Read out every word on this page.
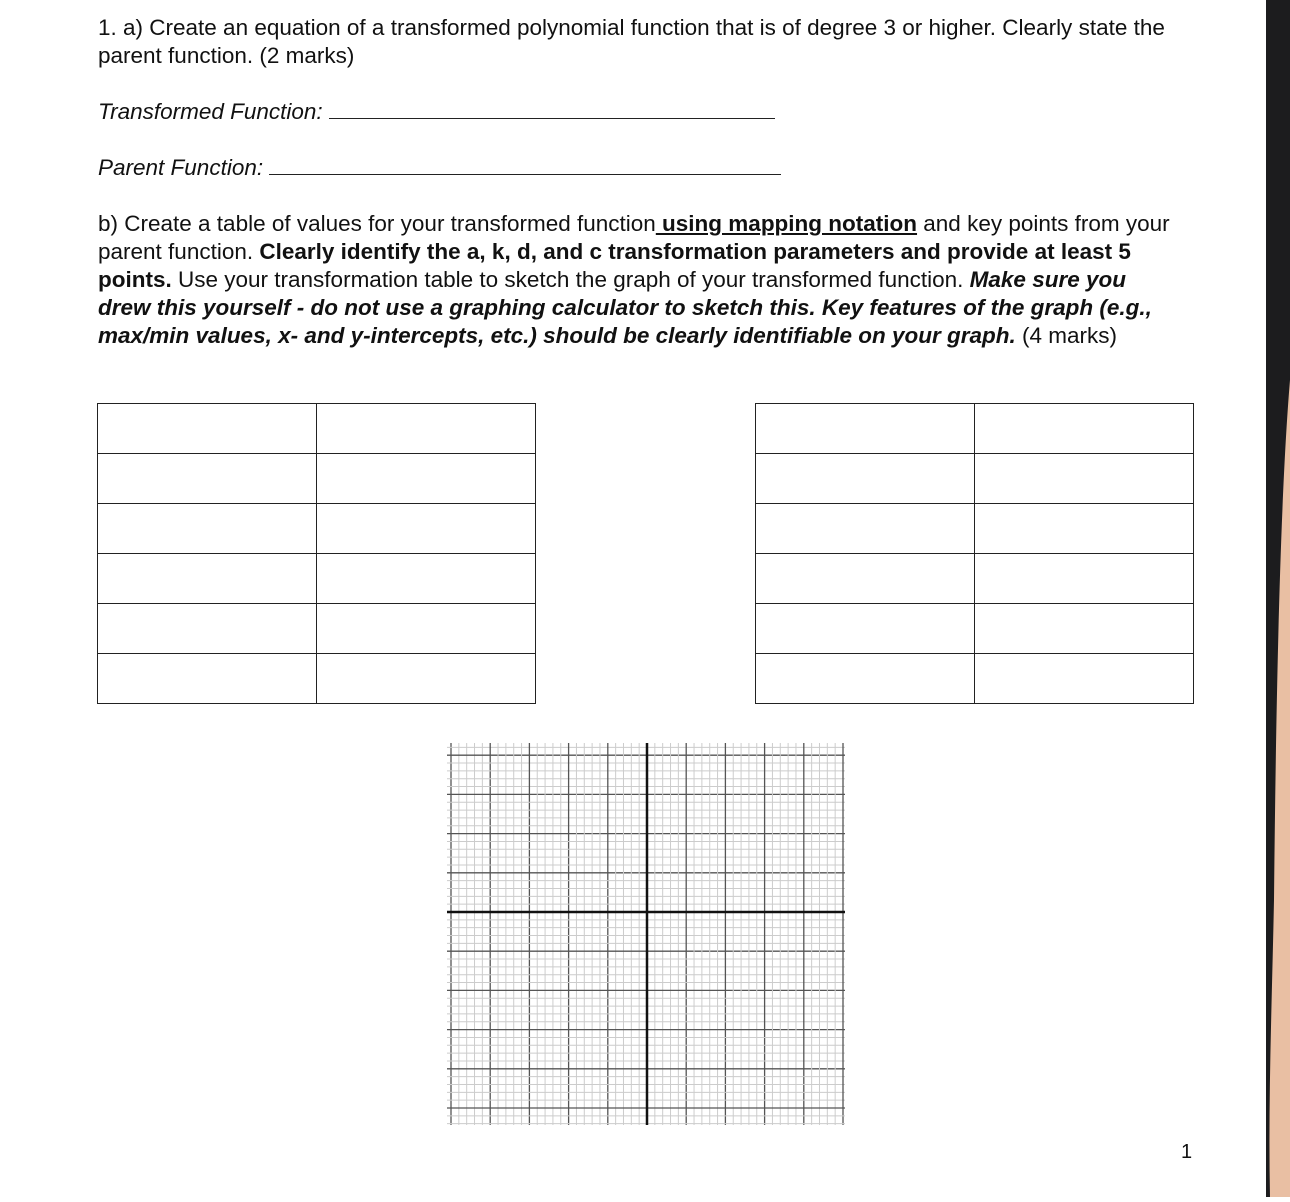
1. a) Create an equation of a transformed polynomial function that is of degree 3 or higher. Clearly state the parent function. (2 marks)
Transformed Function:
Parent Function:
b) Create a table of values for your transformed function using mapping notation and key points from your parent function. Clearly identify the a, k, d, and c transformation parameters and provide at least 5 points. Use your transformation table to sketch the graph of your transformed function. Make sure you drew this yourself - do not use a graphing calculator to sketch this. Key features of the graph (e.g., max/min values, x- and y-intercepts, etc.) should be clearly identifiable on your graph. (4 marks)

1
